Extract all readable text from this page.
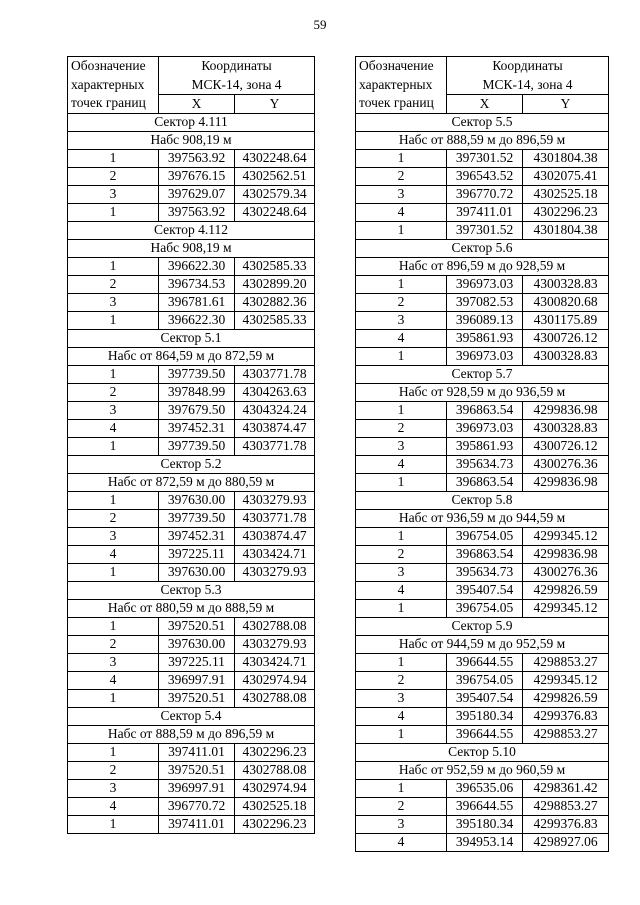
59
Обозначение
характерных
точек границ	Координаты
МСК-14, зона 4	
	X	Y
Сектор 4.111		
Набс 908,19 м		
1	397563.92	4302248.64
2	397676.15	4302562.51
3	397629.07	4302579.34
1	397563.92	4302248.64
Сектор 4.112		
Набс 908,19 м		
1	396622.30	4302585.33
2	396734.53	4302899.20
3	396781.61	4302882.36
1	396622.30	4302585.33
Сектор 5.1		
Набс от 864,59 м до 872,59 м		
1	397739.50	4303771.78
2	397848.99	4304263.63
3	397679.50	4304324.24
4	397452.31	4303874.47
1	397739.50	4303771.78
Сектор 5.2		
Набс от 872,59 м до 880,59 м		
1	397630.00	4303279.93
2	397739.50	4303771.78
3	397452.31	4303874.47
4	397225.11	4303424.71
1	397630.00	4303279.93
Сектор 5.3		
Набс от 880,59 м до 888,59 м		
1	397520.51	4302788.08
2	397630.00	4303279.93
3	397225.11	4303424.71
4	396997.91	4302974.94
1	397520.51	4302788.08
Сектор 5.4		
Набс от 888,59 м до 896,59 м		
1	397411.01	4302296.23
2	397520.51	4302788.08
3	396997.91	4302974.94
4	396770.72	4302525.18
1	397411.01	4302296.23
Обозначение
характерных
точек границ	Координаты
МСК-14, зона 4	
	X	Y
Сектор 5.5		
Набс от 888,59 м до 896,59 м		
1	397301.52	4301804.38
2	396543.52	4302075.41
3	396770.72	4302525.18
4	397411.01	4302296.23
1	397301.52	4301804.38
Сектор 5.6		
Набс от 896,59 м до 928,59 м		
1	396973.03	4300328.83
2	397082.53	4300820.68
3	396089.13	4301175.89
4	395861.93	4300726.12
1	396973.03	4300328.83
Сектор 5.7		
Набс от 928,59 м до 936,59 м		
1	396863.54	4299836.98
2	396973.03	4300328.83
3	395861.93	4300726.12
4	395634.73	4300276.36
1	396863.54	4299836.98
Сектор 5.8		
Набс от 936,59 м до 944,59 м		
1	396754.05	4299345.12
2	396863.54	4299836.98
3	395634.73	4300276.36
4	395407.54	4299826.59
1	396754.05	4299345.12
Сектор 5.9		
Набс от 944,59 м до 952,59 м		
1	396644.55	4298853.27
2	396754.05	4299345.12
3	395407.54	4299826.59
4	395180.34	4299376.83
1	396644.55	4298853.27
Сектор 5.10		
Набс от 952,59 м до 960,59 м		
1	396535.06	4298361.42
2	396644.55	4298853.27
3	395180.34	4299376.83
4	394953.14	4298927.06
